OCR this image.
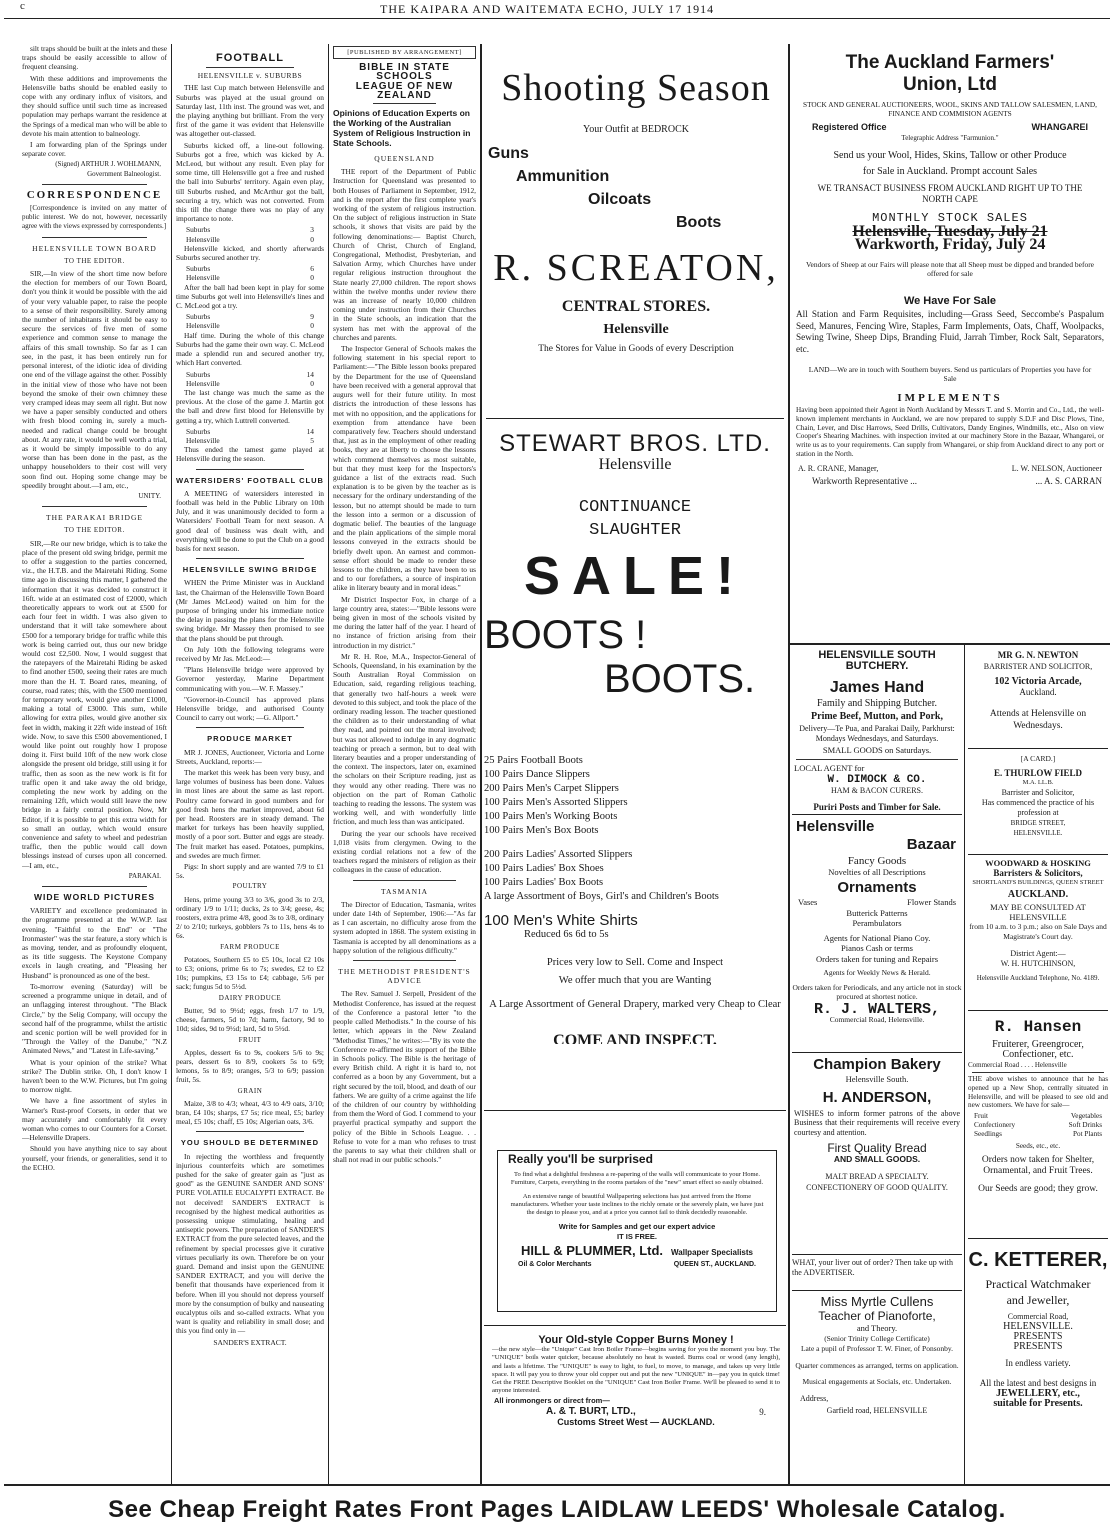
c	THE KAIPARA AND WAITEMATA ECHO, JULY 17 1914

silt traps should be built at the inlets and these traps should be easily accessible to allow of frequent cleansing.

With these additions and improvements the Helensville baths should be enabled easily to cope with any ordinary influx of visitors, and they should suffice until such time as increased population may perhaps warrant the residence at the Springs of a medical man who will be able to devote his main attention to balneology.

I am forwarding plan of the Springs under separate cover.

(Signed) ARTHUR J. WOHLMANN, Government Balneologist.
CORRESPONDENCE

[Correspondence is invited on any matter of public interest. We do not, however, necessarily agree with the views expressed by correspondents.]

HELENSVILLE TOWN BOARD
TO THE EDITOR.

SIR,—In view of the short time now before the election for members of our Town Board, don't you think it would be possible with the aid of your very valuable paper, to raise the people to a sense of their responsibility. Surely among the number of inhabitants it should be easy to secure the services of five men of some experience and common sense to manage the affairs of this small township. So far as I can see, in the past, it has been entirely run for personal interest, of the idiotic idea of dividing one end of the village against the other. Possibly in the initial view of those who have not been beyond the smoke of their own chimney these very cramped ideas may seem all right. But now we have a paper sensibly conducted and others with fresh blood coming in, surely a much-needed and radical change could be brought about. At any rate, it would be well worth a trial, as it would be simply impossible to do any worse than has been done in the past, as the unhappy householders to their cost will very soon find out. Hoping some change may be speedily brought about.—I am, etc.,

UNITY.
THE PARAKAI BRIDGE
TO THE EDITOR.

SIR,—Re our new bridge, which is to take the place of the present old swing bridge, permit me to offer a suggestion to the parties concerned, viz., the H.T.B. and the Mairetahi Riding. Some time ago in discussing this matter, I gathered the information that it was decided to construct it 16ft. wide at an estimated cost of £2000, which theoretically appears to work out at £500 for each four feet in width. I was also given to understand that it will take somewhere about £500 for a temporary bridge for traffic while this work is being carried out, thus our new bridge would cost £2,500. Now, I would suggest that the ratepayers of the Mairetahi Riding be asked to find another £500, seeing their rates are much more than the H. T. Board rates, meaning, of course, road rates; this, with the £500 mentioned for temporary work, would give another £1000, making a total of £3000. This sum, while allowing for extra piles, would give another six feet in width, making it 22ft wide instead of 16ft wide. Now, to save this £500 abovementioned, I would like point out roughly how I propose doing it. First build 10ft of the new work close alongside the present old bridge, still using it for traffic, then as soon as the new work is fit for traffic open it and take away the old bridge, completing the new work by adding on the remaining 12ft, which would still leave the new bridge in a fairly central position. Now, Mr Editor, if it is possible to get this extra width for so small an outlay, which would ensure convenience and safety to wheel and pedestrian traffic, then the public would call down blessings instead of curses upon all concerned.—I am, etc.,

PARAKAI.
WIDE WORLD PICTURES

VARIETY and excellence predominated in the programme presented at the W.W.P. last evening. "Faithful to the End" or "The Ironmaster" was the star feature, a story which is as moving, tender, and as profoundly eloquent, as its title suggests. The Keystone Company excels in laugh creating, and "Pleasing her Husband" is pronounced as one of the best.

To-morrow evening (Saturday) will be screened a programme unique in detail, and of an unflagging interest throughout. "The Black Circle," by the Selig Company, will occupy the second half of the programme, whilst the artistic and scenic portion will be well provided for in "Through the Valley of the Danube," "N.Z Animated News," and "Latest in Life-saving."

What is your opinion of the strike? What strike? The Dublin strike. Oh, I don't know I haven't been to the W.W. Pictures, but I'm going to morrow night.

We have a fine assortment of styles in Warner's Rust-proof Corsets, in order that we may accurately and comfortably fit every woman who comes to our Counters for a Corset.—Helensville Drapers.

Should you have anything nice to say about yourself, your friends, or generalities, send it to the ECHO.

FOOTBALL
HELENSVILLE v. SUBURBS

THE last Cup match between Helensville and Suburbs was played at the usual ground on Saturday last, 11th inst. The ground was wet, and the playing anything but brilliant. From the very first of the game it was evident that Helensville was altogether out-classed.

Suburbs kicked off, a line-out following. Suburbs got a free, which was kicked by A. McLeod, but without any result. Even play for some time, till Helensville got a free and rushed the ball into Suburbs' territory. Again even play, till Suburbs rushed, and McArthur got the ball, securing a try, which was not converted. From this till the change there was no play of any importance to note.

Suburbs	3
Helensville	0

Helensville kicked, and shortly afterwards Suburbs secured another try.

Suburbs	6
Helensville	0

After the ball had been kept in play for some time Suburbs got well into Helensville's lines and C. McLeod got a try.

Suburbs	9
Helensville	0

Half time. During the whole of this change Suburbs had the game their own way. C. McLeod made a splendid run and secured another try, which Hart converted.

Suburbs	14
Helensville	0

The last change was much the same as the previous. At the close of the game J. Martin got the ball and drew first blood for Helensville by getting a try, which Luttrell converted.

Suburbs	14
Helensville	5

Thus ended the tamest game played at Helensville during the season.

WATERSIDERS' FOOTBALL CLUB

A MEETING of watersiders interested in football was held in the Public Library on 10th July, and it was unanimously decided to form a Watersiders' Football Team for next season. A good deal of business was dealt with, and everything will be done to put the Club on a good basis for next season.

HELENSVILLE SWING BRIDGE

WHEN the Prime Minister was in Auckland last, the Chairman of the Helensville Town Board (Mr James McLeod) waited on him for the purpose of bringing under his immediate notice the delay in passing the plans for the Helensville swing bridge. Mr Massey then promised to see that the plans should be put through.

On July 10th the following telegrams were received by Mr Jas. McLeod:—

"Plans Helensville bridge were approved by Governor yesterday, Marine Department communicating with you.—W. F. Massey."

"Governor-in-Council has approved plans Helensville bridge, and authorised County Council to carry out work; —G. Allport."

PRODUCE MARKET

MR J. JONES, Auctioneer, Victoria and Lorne Streets, Auckland, reports:—

The market this week has been very busy, and large volumes of business has been done. Values in most lines are about the same as last report. Poultry came forward in good numbers and for good fresh hens the market improved, about 6d per head. Roosters are in steady demand. The market for turkeys has been heavily supplied, mostly of a poor sort. Butter and eggs are steady. The fruit market has eased. Potatoes, pumpkins, and swedes are much firmer.

Pigs: In short supply and are wanted 7/9 to £1 5s.

POULTRY

Hens, prime young 3/3 to 3/6, good 3s to 2/3, ordinary 1/9 to 1/11; ducks, 2s to 3/4; geese, 4s; roosters, extra prime 4/8, good 3s to 3/8, ordinary 2/ to 2/10; turkeys, gobblers 7s to 11s, hens 4s to 6s.

FARM PRODUCE

Potatoes, Southern £5 to £5 10s, local £2 10s to £3; onions, prime 6s to 7s; swedes, £2 to £2 10s; pumpkins, £3 15s to £4; cabbage, 5/6 per sack; fungus 5d to 5½d.

DAIRY PRODUCE

Butter, 9d to 9½d; eggs, fresh 1/7 to 1/9, cheese, farmers, 5d to 7d; harm, factory, 9d to 10d; sides, 9d to 9½d; lard, 5d to 5½d.

FRUIT

Apples, dessert 6s to 9s, cookers 5/6 to 9s; pears, dessert 6s to 8/9, cookers 5s to 6/9; lemons, 5s to 8/9; oranges, 5/3 to 6/9; passion fruit, 5s.

GRAIN

Maize, 3/8 to 4/3; wheat, 4/3 to 4/9 oats, 3/10; bran, £4 10s; sharps, £7 5s; rice meal, £5; barley meal, £5 10s; chaff, £5 10s; Algerian oats, 3/6.

YOU SHOULD BE DETERMINED

In rejecting the worthless and frequently injurious counterfeits which are sometimes pushed for the sake of greater gain as "just as good" as the GENUINE SANDER AND SONS' PURE VOLATILE EUCALYPTI EXTRACT. Be not deceived! SANDER'S EXTRACT is recognised by the highest medical authorities as possessing unique stimulating, healing and antiseptic powers. The preparation of SANDER'S EXTRACT from the pure selected leaves, and the refinement by special processes give it curative virtues peculiarly its own. Therefore be on your guard. Demand and insist upon the GENUINE SANDER EXTRACT, and you will derive the benefit that thousands have experienced from it before. When ill you should not depress yourself more by the consumption of bulky and nauseating eucalyptus oils and so-called extracts. What you want is quality and reliability in small dose; and this you find only in —

SANDER'S EXTRACT.
[PUBLISHED BY ARRANGEMENT]
BIBLE IN STATE SCHOOLS
LEAGUE OF NEW ZEALAND
Opinions of Education Experts on the Working of the Australian System of Religious Instruction in State Schools.
QUEENSLAND

THE report of the Department of Public Instruction for Queensland was presented to both Houses of Parliament in September, 1912, and is the report after the first complete year's working of the system of religious instruction. On the subject of religious instruction in State schools, it shows that visits are paid by the following denominations:— Baptist Church, Church of Christ, Church of England, Congregational, Methodist, Presbyterian, and Salvation Army, which Churches have under regular religious instruction throughout the State nearly 27,000 children. The report shows within the twelve months under review there was an increase of nearly 10,000 children coming under instruction from their Churches in the State schools, an indication that the system has met with the approval of the churches and parents.

The Inspector General of Schools makes the following statement in his special report to Parliament:—"The Bible lesson books prepared by the Department for the use of Queensland have been received with a general approval that augurs well for their future utility. In most districts the introduction of these lessons has met with no opposition, and the applications for exemption from attendance have been comparatively few. Teachers should understand that, just as in the employment of other reading books, they are at liberty to choose the lessons which commend themselves as most suitable, but that they must keep for the Inspectors's guidance a list of the extracts read. Such explanation is to be given by the teacher as is necessary for the ordinary understanding of the lesson, but no attempt should be made to turn the lesson into a sermon or a discussion of dogmatic belief. The beauties of the language and the plain applications of the simple moral lessons conveyed in the extracts should be briefly dwelt upon. An earnest and common-sense effort should be made to render these lessons to the children, as they have been to us and to our forefathers, a source of inspiration alike in literary beauty and in moral ideas."

Mr District Inspector Fox, in charge of a large country area, states:—"Bible lessons were being given in most of the schools visited by me during the latter half of the year. I heard of no instance of friction arising from their introduction in my district."

Mr R. H. Roe, M.A., Inspector-General of Schools, Queensland, in his examination by the South Australian Royal Commission on Education, said, regarding religious teaching, that generally two half-hours a week were devoted to this subject, and took the place of the ordinary reading lesson. The teacher questioned the children as to their understanding of what they read, and pointed out the moral involved; but was not allowed to indulge in any dogmatic teaching or preach a sermon, but to deal with literary beauties and a proper understanding of the context. The inspectors, later on, examined the scholars on their Scripture reading, just as they would any other reading. There was no objection on the part of Roman Catholic teaching to reading the lessons. The system was working well, and with wonderfully little friction, and much less than was anticipated.

During the year our schools have received 1,018 visits from clergymen. Owing to the existing cordial relations not a few of the teachers regard the ministers of religion as their colleagues in the cause of education.

TASMANIA

The Director of Education, Tasmania, writes under date 14th of September, 1906:—"As far as I can ascertain, no difficulty arose from the system adopted in 1868. The system existing in Tasmania is accepted by all denominations as a happy solution of the religious difficulty."

THE METHODIST PRESIDENT'S ADVICE

The Rev. Samuel J. Serpell, President of the Methodist Conference, has issued at the request of the Conference a pastoral letter "to the people called Methodists." In the course of his letter, which appears in the New Zealand "Methodist Times," he writes:—"By its vote the Conference re-affirmed its support of the Bible in Schools policy. The Bible is the heritage of every British child. A right it is hard to, not conferred as a boon by any Government, but a right secured by the toil, blood, and death of our fathers. We are guilty of a crime against the life of the children of our country by withholding from them the Word of God. I commend to your prayerful practical sympathy and support the policy of the Bible in Schools League. . . Refuse to vote for a man who refuses to trust the parents to say what their children shall or shall not read in our public schools."

Shooting Season
Your Outfit at BEDROCK
Guns
Ammunition
Oilcoats
Boots
R. SCREATON,
CENTRAL STORES.
Helensville
The Stores for Value in Goods of every Description
STEWART BROS. LTD.
Helensville
CONTINUANCE
SLAUGHTER
SALE!
BOOTS !
BOOTS.
25 Pairs Football Boots
100 Pairs Dance Slippers
200 Pairs Men's Carpet Slippers
100 Pairs Men's Assorted Slippers
100 Pairs Men's Working Boots
100 Pairs Men's Box Boots
200 Pairs Ladies' Assorted Slippers
100 Pairs Ladies' Box Shoes
100 Pairs Ladies' Box Boots
A large Assortment of Boys, Girl's and Children's Boots
100 Men's White Shirts
Reduced 6s 6d to 5s
Prices very low to Sell. Come and Inspect
We offer much that you are Wanting
A Large Assortment of General Drapery, marked very Cheap to Clear
COME AND INSPECT.
Really you'll be surprised
To find what a delightful freshness a re-papering of the walls will communicate to your Home. Furniture, Carpets, everything in the rooms partakes of the "new" smart effect so easily obtained.
An extensive range of beautiful Wallpapering selections has just arrived from the Home manufacturers. Whether your taste inclines to the richly ornate or the severely plain, we have just the design to please you, and at a price you cannot fail to think decidedly reasonable.
Write for Samples and get our expert advice
IT IS FREE.
HILL & PLUMMER, Ltd. Wallpaper Specialists
Oil & Color Merchants	QUEEN ST., AUCKLAND.
Your Old-style Copper Burns Money !
—the new style—the "Unique" Cast Iron Boiler Frame—begins saving for you the moment you buy. The "UNIQUE" boils water quicker, because absolutely no heat is wasted. Burns coal or wood (any length), and lasts a lifetime. The "UNIQUE" is easy to light, to fuel, to move, to manage, and takes up very little space. It will pay you to throw your old copper out and put the new "UNIQUE" in—pay you in quick time! Get the FREE Descriptive Booklet on the "UNIQUE" Cast Iron Boiler Frame. We'll be pleased to send it to anyone interested.
All ironmongers or direct from—
A. & T. BURT, LTD.,	9.
Customs Street West — AUCKLAND.
The Auckland Farmers'
Union, Ltd
STOCK AND GENERAL AUCTIONEERS, WOOL, SKINS AND TALLOW SALESMEN, LAND, FINANCE AND COMMISION AGENTS
Registered Office	WHANGAREI
Telegraphic Address "Farmunion."
Send us your Wool, Hides, Skins, Tallow or other Produce
for Sale in Auckland. Prompt account Sales
WE TRANSACT BUSINESS FROM AUCKLAND RIGHT UP TO THE
NORTH CAPE
MONTHLY STOCK SALES
Helensville, Tuesday, July 21
Warkworth, Friday, July 24
Vendors of Sheep at our Fairs will please note that all Sheep must be dipped and branded before offered for sale
We Have For Sale
All Station and Farm Requisites, including—Grass Seed, Seccombe's Paspalum Seed, Manures, Fencing Wire, Staples, Farm Implements, Oats, Chaff, Woolpacks, Sewing Twine, Sheep Dips, Branding Fluid, Jarrah Timber, Rock Salt, Separators, etc.
LAND—We are in touch with Southern buyers. Send us particulars of Properties you have for Sale
IMPLEMENTS
Having been appointed their Agent in North Auckland by Messrs T. and S. Morrin and Co., Ltd., the well-known implement merchants in Auckland, we are now prepared to supply S.D.F and Disc Plows, Tine, Chain, Lever, and Disc Harrows, Seed Drills, Cultivators, Dandy Engines, Windmills, etc., Also on view Cooper's Shearing Machines. with inspection invited at our machinery Store in the Bazaar, Whangarei, or write us as to your requirements. Can supply from Whangarei, or ship from Auckland direct to any port or station in the North.
A. R. CRANE, Manager,	L. W. NELSON, Auctioneer
Warkworth Representative ...	... A. S. CARRAN
HELENSVILLE SOUTH
BUTCHERY.
James Hand
Family and Shipping Butcher.
Prime Beef, Mutton, and Pork,
Delivery—Te Pua, and Parakai Daily, Parkhurst: Mondays Wednesdays, and Saturdays.
SMALL GOODS on Saturdays.
LOCAL AGENT for
W. DIMOCK & CO.
HAM & BACON CURERS.
Puriri Posts and Timber for Sale.
Helensville
Bazaar
Fancy Goods
Novelties of all Descriptions
Ornaments
Vases	Flower Stands
Butterick Patterns
Perambulators
Agents for National Piano Coy.
Pianos Cash or terms
Orders taken for tuning and Repairs
Agents for Weekly News & Herald.
Orders taken for Periodicals, and any article not in stock procured at shortest notice.
R. J. WALTERS,
Commercial Road, Helensville.
Champion Bakery
Helensville South.
H. ANDERSON,
WISHES to inform former patrons of the above Business that their requirements will receive every courtesy and attention.
First Quality Bread
AND SMALL GOODS.
MALT BREAD A SPECIALTY.
CONFECTIONERY OF GOOD QUALITY.
WHAT, your liver out of order? Then take up with the ADVERTISER.
Miss Myrtle Cullens
Teacher of Pianoforte,
and Theory.
(Senior Trinity College Certificate)
Late a pupil of Professor T. W. Finer, of Ponsonby.
Quarter commences as arranged, terms on application.
Musical engagements at Socials, etc. Undertaken.
Address,
Garfield road, HELENSVILLE
MR G. N. NEWTON
BARRISTER AND SOLICITOR,
102 Victoria Arcade,
Auckland.
Attends at Helensville on Wednesdays.
[A CARD.]
E. THURLOW FIELD
M.A. LL.B.
Barrister and Solicitor,
Has commenced the practice of his profession at
BRIDGE STREET,
HELENSVILLE.
WOODWARD & HOSKING
Barristers & Solicitors,
SHORTLAND'S BUILDINGS, QUEEN STREET
AUCKLAND.
MAY BE CONSULTED AT
HELENSVILLE
from 10 a.m. to 3 p.m.; also on Sale Days and Magistrate's Court day.
District Agent:—
W. H. HUTCHINSON,
Helensville Auckland Telephone, No. 4189.
R. Hansen
Fruiterer, Greengrocer,
Confectioner, etc.
Commercial Road . . . . Helensville
THE above wishes to announce that he has opened up a New Shop, centrally situated in Helensville, and will be pleased to see old and new customers. We have for sale—
Fruit	Vegetables
Confectionery	Soft Drinks
Seedlings	Pot Plants
Seeds, etc., etc.
Orders now taken for Shelter, Ornamental, and Fruit Trees.
Our Seeds are good; they grow.
C. KETTERER,
Practical Watchmaker
and Jeweller,
Commercial Road,
HELENSVILLE.
PRESENTS
PRESENTS
In endless variety.
All the latest and best designs in
JEWELLERY, etc.,
suitable for Presents.
See Cheap Freight Rates Front Pages LAIDLAW LEEDS' Wholesale Catalog.
